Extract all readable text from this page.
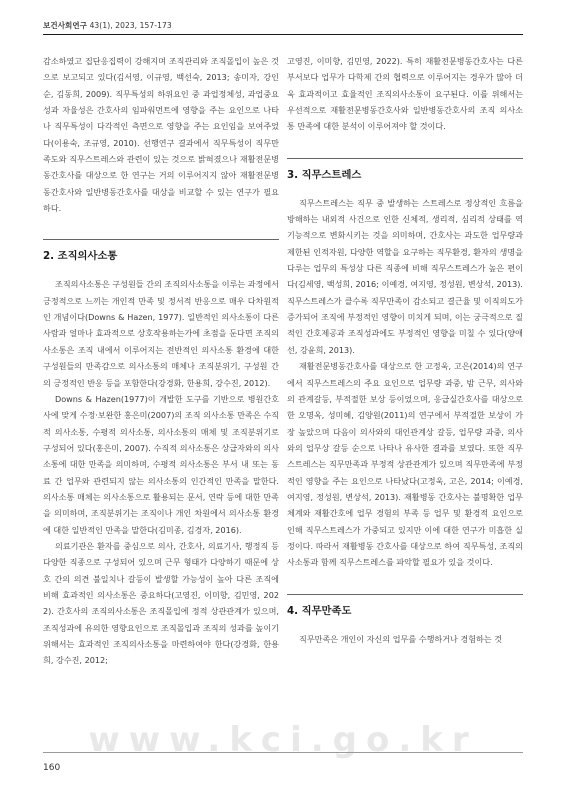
보건사회연구 43(1), 2023, 157-173

감소하였고 집단응집력이 강해지며 조직관리와 조직몰입이 높은 것으로 보고되고 있다(김서영, 이규영, 백선숙, 2013; 송미자, 강인순, 김동희, 2009). 직무특성의 하위요인 중 과업정체성, 과업중요성과 자율성은 간호사의 임파워먼트에 영향을 주는 요인으로 나타나 직무특성이 다각적인 측면으로 영향을 주는 요인임을 보여주었다(이용숙, 조규영, 2010). 선행연구 결과에서 직무특성이 직무만족도와 직무스트레스와 관련이 있는 것으로 밝혀졌으나 재활전문병동간호사를 대상으로 한 연구는 거의 이루어지지 않아 재활전문병동간호사와 일반병동간호사를 대상을 비교할 수 있는 연구가 필요하다.

2. 조직의사소통

조직의사소통은 구성원들 간의 조직의사소통을 이루는 과정에서 긍정적으로 느끼는 개인적 만족 및 정서적 반응으로 매우 다차원적인 개념이다(Downs & Hazen, 1977). 일반적인 의사소통이 다른 사람과 얼마나 효과적으로 상호작용하는가에 초점을 둔다면 조직의사소통은 조직 내에서 이루어지는 전반적인 의사소통 환경에 대한 구성원들의 만족감으로 의사소통의 매체나 조직분위기, 구성원 간의 긍정적인 반응 등을 포함한다(강경화, 한용희, 강수진, 2012).

Downs & Hazen(1977)이 개발한 도구를 기반으로 병원간호사에 맞게 수정·보완한 홍은미(2007)의 조직 의사소통 만족은 수직적 의사소통, 수평적 의사소통, 의사소통의 매체 및 조직분위기로 구성되어 있다(홍은미, 2007). 수직적 의사소통은 상급자와의 의사소통에 대한 만족을 의미하며, 수평적 의사소통은 부서 내 또는 동료 간 업무와 관련되지 않는 의사소통의 인간적인 만족을 말한다. 의사소통 매체는 의사소통으로 활용되는 문서, 연락 등에 대한 만족을 의미하며, 조직분위기는 조직이나 개인 차원에서 의사소통 환경에 대한 일반적인 만족을 말한다(김미종, 김경자, 2016).

의료기관은 환자를 중심으로 의사, 간호사, 의료기사, 행정직 등 다양한 직종으로 구성되어 있으며 근무 형태가 다양하기 때문에 상호 간의 의견 불일치나 갈등이 발생할 가능성이 높아 다른 조직에 비해 효과적인 의사소통은 중요하다(고영진, 이미향, 김민영, 2022). 간호사의 조직의사소통은 조직몰입에 정적 상관관계가 있으며, 조직성과에 유의한 영향요인으로 조직몰입과 조직의 성과를 높이기 위해서는 효과적인 조직의사소통을 마련하여야 한다(강경화, 한용희, 강수진, 2012;

고영진, 이미향, 김민영, 2022). 특히 재활전문병동간호사는 다른 부서보다 업무가 다학제 간의 협력으로 이루어지는 경우가 많아 더욱 효과적이고 효율적인 조직의사소통이 요구된다. 이를 위해서는 우선적으로 재활전문병동간호사와 일반병동간호사의 조직 의사소통 만족에 대한 분석이 이루어져야 할 것이다.

3. 직무스트레스

직무스트레스는 직무 중 발생하는 스트레스로 정상적인 흐름을 방해하는 내외적 사건으로 인한 신체적, 생리적, 심리적 상태를 역기능적으로 변화시키는 것을 의미하며, 간호사는 과도한 업무량과 제한된 인적자원, 다양한 역할을 요구하는 직무환경, 환자의 생명을 다루는 업무의 특성상 다른 직종에 비해 직무스트레스가 높은 편이다(김세영, 백성희, 2016; 이예경, 여지영, 정성원, 변상석, 2013). 직무스트레스가 클수록 직무만족이 감소되고 결근율 및 이직의도가 증가되어 조직에 부정적인 영향이 미치게 되며, 이는 궁극적으로 질적인 간호제공과 조직성과에도 부정적인 영향을 미칠 수 있다(양애선, 강윤희, 2013).

재활전문병동간호사를 대상으로 한 고정욱, 고은(2014)의 연구에서 직무스트레스의 주요 요인으로 업무량 과중, 밤 근무, 의사와의 관계갈등, 부적절한 보상 등이었으며, 응급실간호사를 대상으로 한 오명옥, 성미혜, 김양원(2011)의 연구에서 부적절한 보상이 가장 높았으며 다음이 의사와의 대인관계상 갈등, 업무량 과중, 의사와의 업무상 갈등 순으로 나타나 유사한 결과를 보였다. 또한 직무스트레스는 직무만족과 부정적 상관관계가 있으며 직무만족에 부정적인 영향을 주는 요인으로 나타났다(고정욱, 고은, 2014; 이예경, 여지영, 정성원, 변상석, 2013). 재활병동 간호사는 불명확한 업무체계와 재활간호에 업무 경험의 부족 등 업무 및 환경적 요인으로 인해 직무스트레스가 가중되고 있지만 이에 대한 연구가 미흡한 실정이다. 따라서 재활병동 간호사를 대상으로 하여 직무특성, 조직의사소통과 함께 직무스트레스를 파악할 필요가 있을 것이다.

4. 직무만족도

직무만족은 개인이 자신의 업무를 수행하거나 경험하는 것

www.kci.go.kr
160
